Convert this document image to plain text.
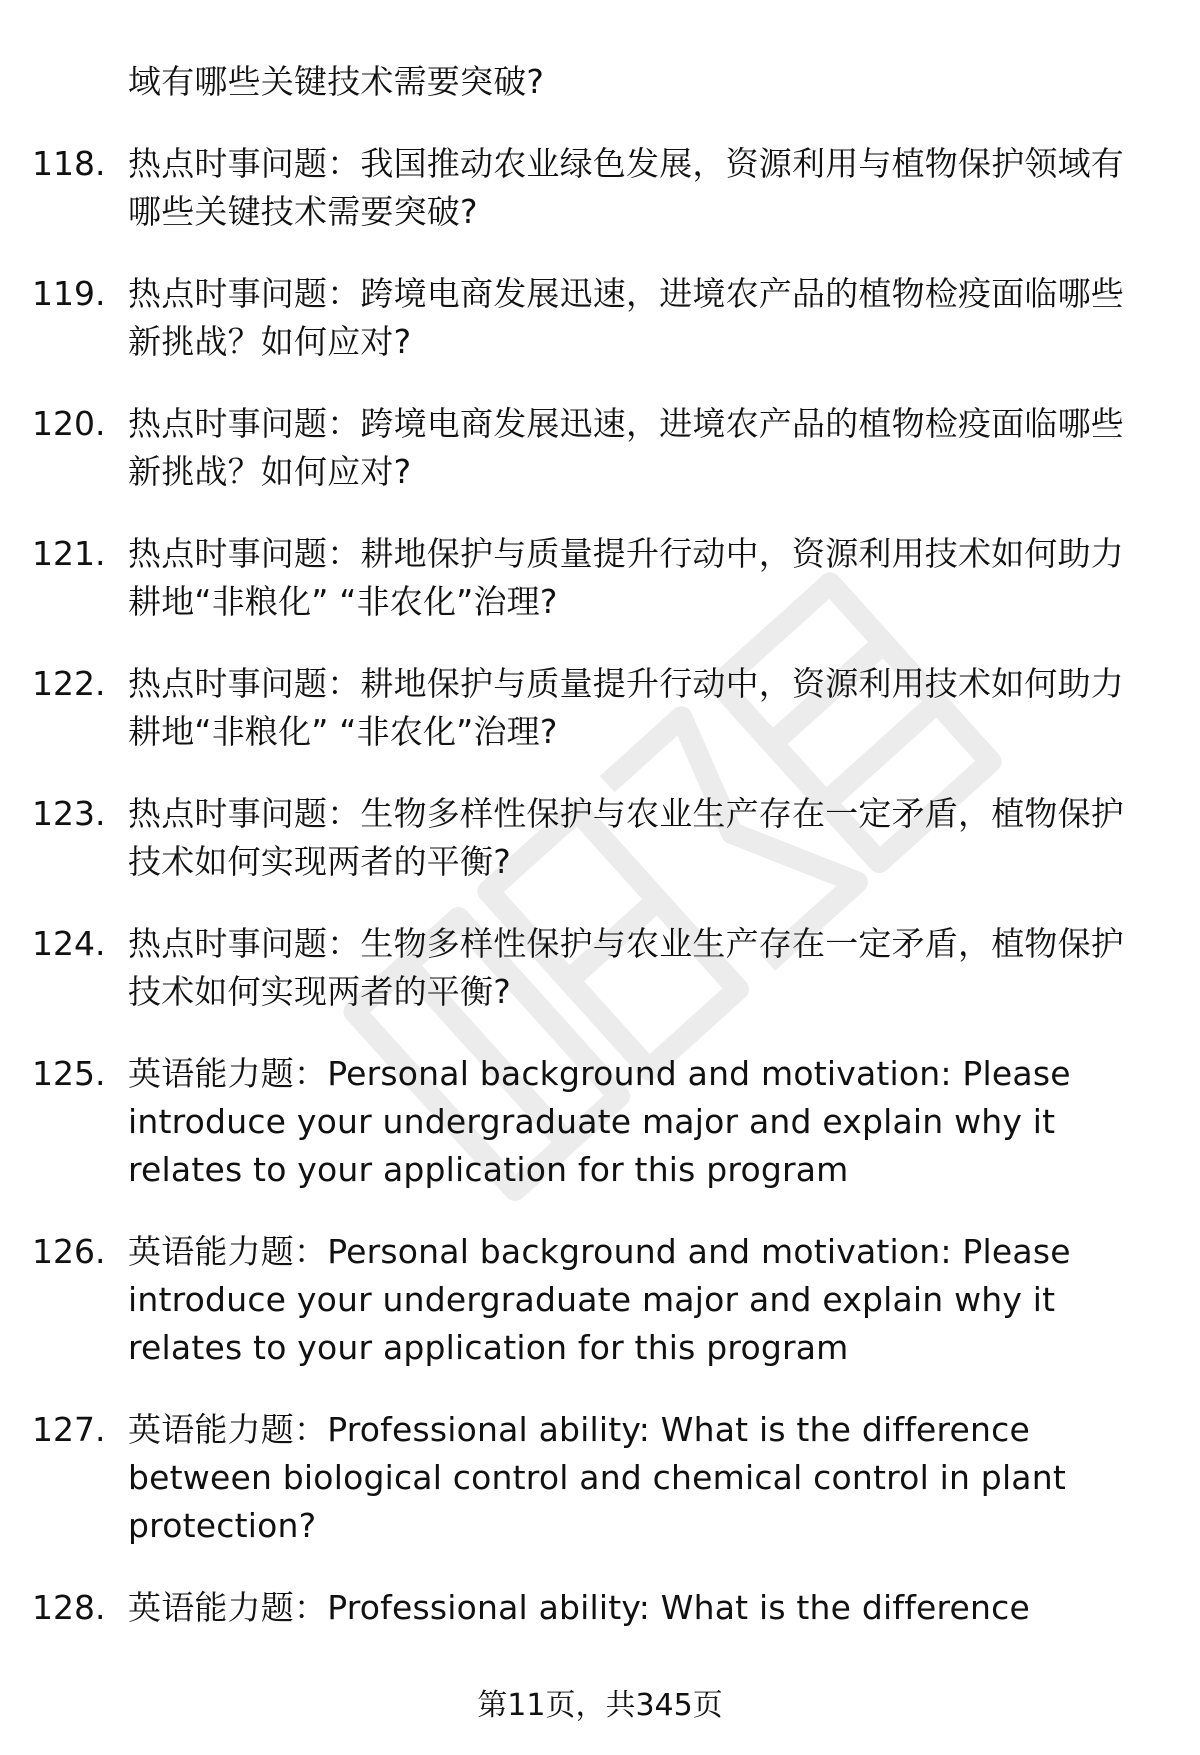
域有哪些关键技术需要突破?
118. 热点时事问题：我国推动农业绿色发展，资源利用与植物保护领域有哪些关键技术需要突破?
119. 热点时事问题：跨境电商发展迅速，进境农产品的植物检疫面临哪些新挑战？如何应对?
120. 热点时事问题：跨境电商发展迅速，进境农产品的植物检疫面临哪些新挑战？如何应对?
121. 热点时事问题：耕地保护与质量提升行动中，资源利用技术如何助力耕地“非粮化” “非农化”治理?
122. 热点时事问题：耕地保护与质量提升行动中，资源利用技术如何助力耕地“非粮化” “非农化”治理?
123. 热点时事问题：生物多样性保护与农业生产存在一定矛盾，植物保护技术如何实现两者的平衡?
124. 热点时事问题：生物多样性保护与农业生产存在一定矛盾，植物保护技术如何实现两者的平衡?
125. 英语能力题：Personal background and motivation: Please introduce your undergraduate major and explain why it relates to your application for this program
126. 英语能力题：Personal background and motivation: Please introduce your undergraduate major and explain why it relates to your application for this program
127. 英语能力题：Professional ability: What is the difference between biological control and chemical control in plant protection?
128. 英语能力题：Professional ability: What is the difference
第11页，共345页
